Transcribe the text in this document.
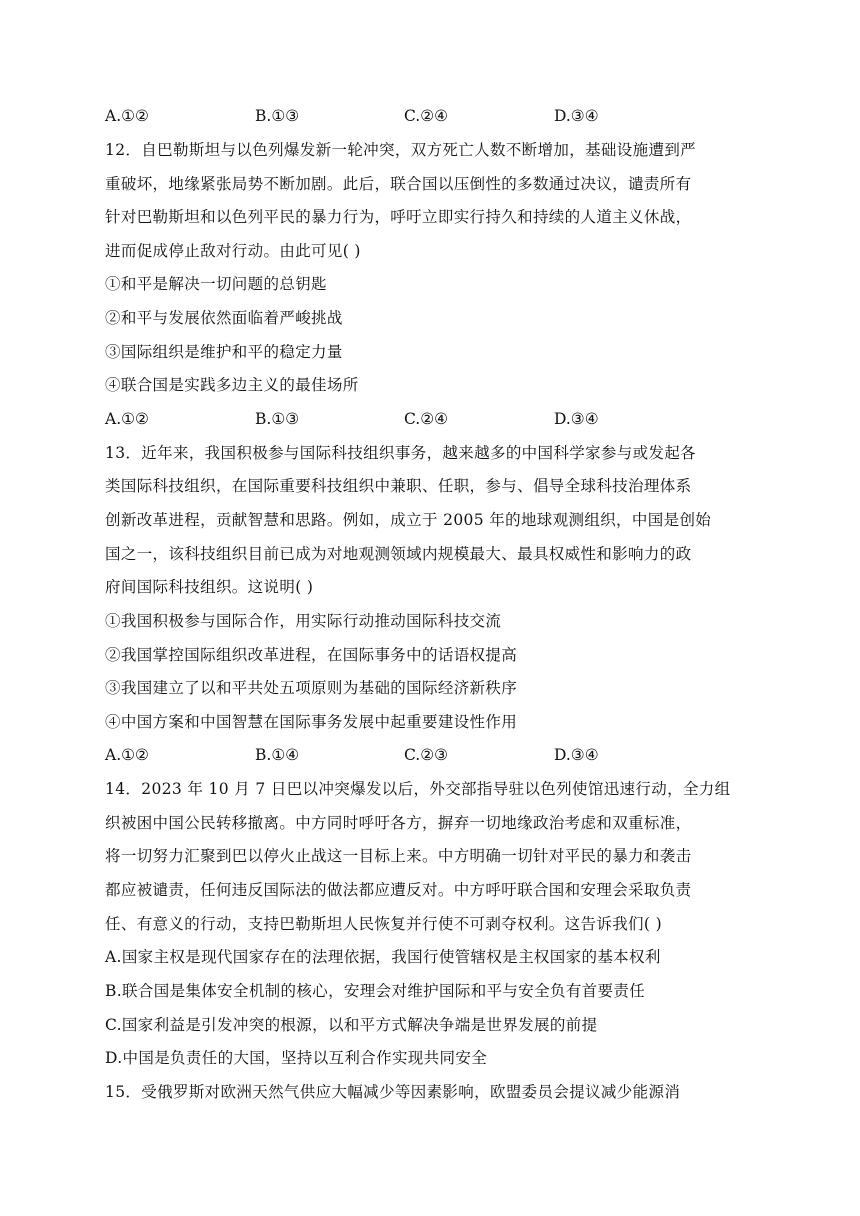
A.①②	B.①③	C.②④	D.③④
12．自巴勒斯坦与以色列爆发新一轮冲突，双方死亡人数不断增加，基础设施遭到严
重破坏，地缘紧张局势不断加剧。此后，联合国以压倒性的多数通过决议，谴责所有
针对巴勒斯坦和以色列平民的暴力行为，呼吁立即实行持久和持续的人道主义休战，
进而促成停止敌对行动。由此可见( )
①和平是解决一切问题的总钥匙
②和平与发展依然面临着严峻挑战
③国际组织是维护和平的稳定力量
④联合国是实践多边主义的最佳场所
A.①②	B.①③	C.②④	D.③④
13．近年来，我国积极参与国际科技组织事务，越来越多的中国科学家参与或发起各
类国际科技组织，在国际重要科技组织中兼职、任职，参与、倡导全球科技治理体系
创新改革进程，贡献智慧和思路。例如，成立于 2005 年的地球观测组织，中国是创始
国之一，该科技组织目前已成为对地观测领域内规模最大、最具权威性和影响力的政
府间国际科技组织。这说明( )
①我国积极参与国际合作，用实际行动推动国际科技交流
②我国掌控国际组织改革进程，在国际事务中的话语权提高
③我国建立了以和平共处五项原则为基础的国际经济新秩序
④中国方案和中国智慧在国际事务发展中起重要建设性作用
A.①②	B.①④	C.②③	D.③④
14．2023 年 10 月 7 日巴以冲突爆发以后，外交部指导驻以色列使馆迅速行动，全力组
织被困中国公民转移撤离。中方同时呼吁各方，摒弃一切地缘政治考虑和双重标准，
将一切努力汇聚到巴以停火止战这一目标上来。中方明确一切针对平民的暴力和袭击
都应被谴责，任何违反国际法的做法都应遭反对。中方呼吁联合国和安理会采取负责
任、有意义的行动，支持巴勒斯坦人民恢复并行使不可剥夺权利。这告诉我们( )
A.国家主权是现代国家存在的法理依据，我国行使管辖权是主权国家的基本权利
B.联合国是集体安全机制的核心，安理会对维护国际和平与安全负有首要责任
C.国家利益是引发冲突的根源，以和平方式解决争端是世界发展的前提
D.中国是负责任的大国，坚持以互利合作实现共同安全
15．受俄罗斯对欧洲天然气供应大幅减少等因素影响，欧盟委员会提议减少能源消
